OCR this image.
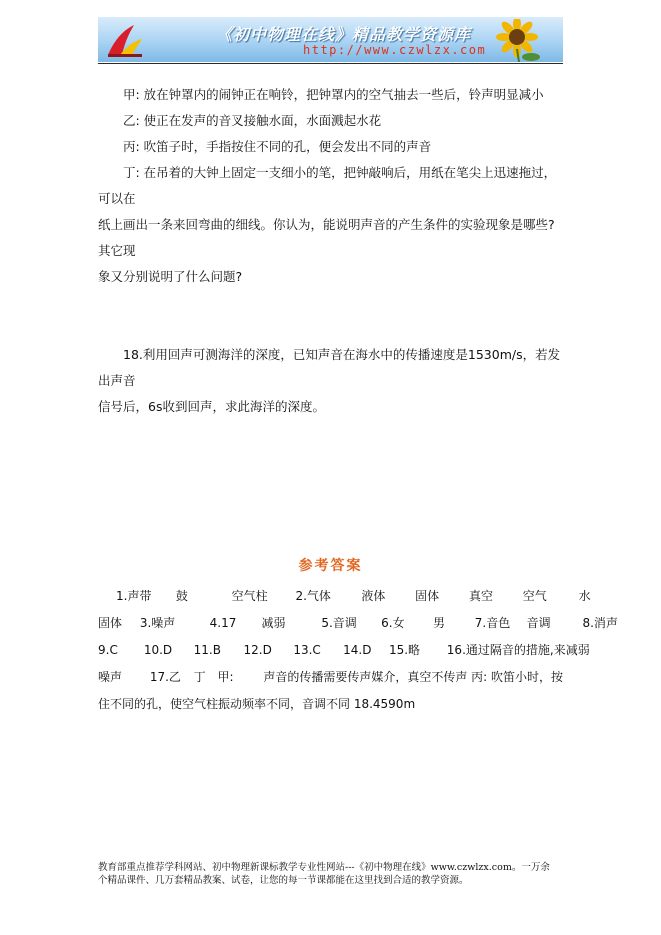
《初中物理在线》精品教学资源库
http://www.czwlzx.com

甲: 放在钟罩内的闹钟正在响铃，把钟罩内的空气抽去一些后，铃声明显减小

乙: 使正在发声的音叉接触水面，水面溅起水花

丙: 吹笛子时，手指按住不同的孔，便会发出不同的声音

丁: 在吊着的大钟上固定一支细小的笔，把钟敲响后，用纸在笔尖上迅速拖过，可以在
纸上画出一条来回弯曲的细线。你认为，能说明声音的产生条件的实验现象是哪些? 其它现
象又分别说明了什么问题?

18.利用回声可测海洋的深度，已知声音在海水中的传播速度是1530m/s，若发出声音
信号后，6s收到回声，求此海洋的深度。

参考答案
1.声带 鼓	空气柱 2.气体	液体 固体 真空 空气	水
固体 3.噪声	4.17 减弱	5.音调 6.女 男 7.音色 音调	8.消声
9.C 10.D 11.B 12.D 13.C 14.D 15.略 16.通过隔音的措施,来减弱
噪声 17.乙 丁 甲: 声音的传播需要传声媒介，真空不传声 丙: 吹笛小时，按
住不同的孔，使空气柱振动频率不同，音调不同 18.4590m
教育部重点推荐学科网站、初中物理新课标教学专业性网站---《初中物理在线》www.czwlzx.com。一万余
个精品课件、几万套精品教案、试卷，让您的每一节课都能在这里找到合适的教学资源。
